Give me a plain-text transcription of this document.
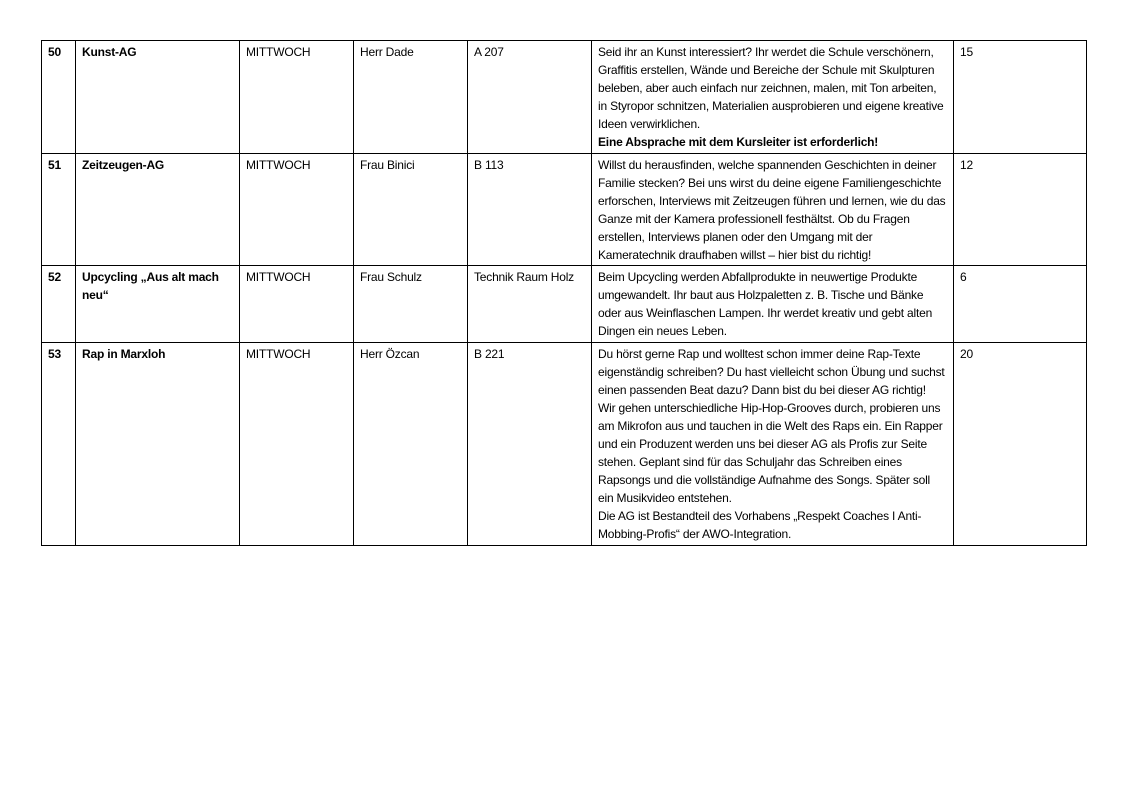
50	Kunst-AG	MITTWOCH	Herr Dade	A 207	Seid ihr an Kunst interessiert? Ihr werdet die Schule verschönern, Graffitis erstellen, Wände und Bereiche der Schule mit Skulpturen beleben, aber auch einfach nur zeichnen, malen, mit Ton arbeiten, in Styropor schnitzen, Materialien ausprobieren und eigene kreative Ideen verwirklichen.
Eine Absprache mit dem Kursleiter ist erforderlich!	15
51	Zeitzeugen-AG	MITTWOCH	Frau Binici	B 113	Willst du herausfinden, welche spannenden Geschichten in deiner Familie stecken? Bei uns wirst du deine eigene Familiengeschichte erforschen, Interviews mit Zeitzeugen führen und lernen, wie du das Ganze mit der Kamera professionell festhältst. Ob du Fragen erstellen, Interviews planen oder den Umgang mit der Kameratechnik draufhaben willst – hier bist du richtig!	12
52	Upcycling „Aus alt mach neu“	MITTWOCH	Frau Schulz	Technik Raum Holz	Beim Upcycling werden Abfallprodukte in neuwertige Produkte umgewandelt. Ihr baut aus Holzpaletten z. B. Tische und Bänke oder aus Weinflaschen Lampen. Ihr werdet kreativ und gebt alten Dingen ein neues Leben.	6
53	Rap in Marxloh	MITTWOCH	Herr Özcan	B 221	Du hörst gerne Rap und wolltest schon immer deine Rap-Texte eigenständig schreiben? Du hast vielleicht schon Übung und suchst einen passenden Beat dazu? Dann bist du bei dieser AG richtig!
Wir gehen unterschiedliche Hip-Hop-Grooves durch, probieren uns am Mikrofon aus und tauchen in die Welt des Raps ein. Ein Rapper und ein Produzent werden uns bei dieser AG als Profis zur Seite stehen. Geplant sind für das Schuljahr das Schreiben eines Rapsongs und die vollständige Aufnahme des Songs. Später soll ein Musikvideo entstehen.
Die AG ist Bestandteil des Vorhabens „Respekt Coaches I Anti-Mobbing-Profis“ der AWO-Integration.	20
